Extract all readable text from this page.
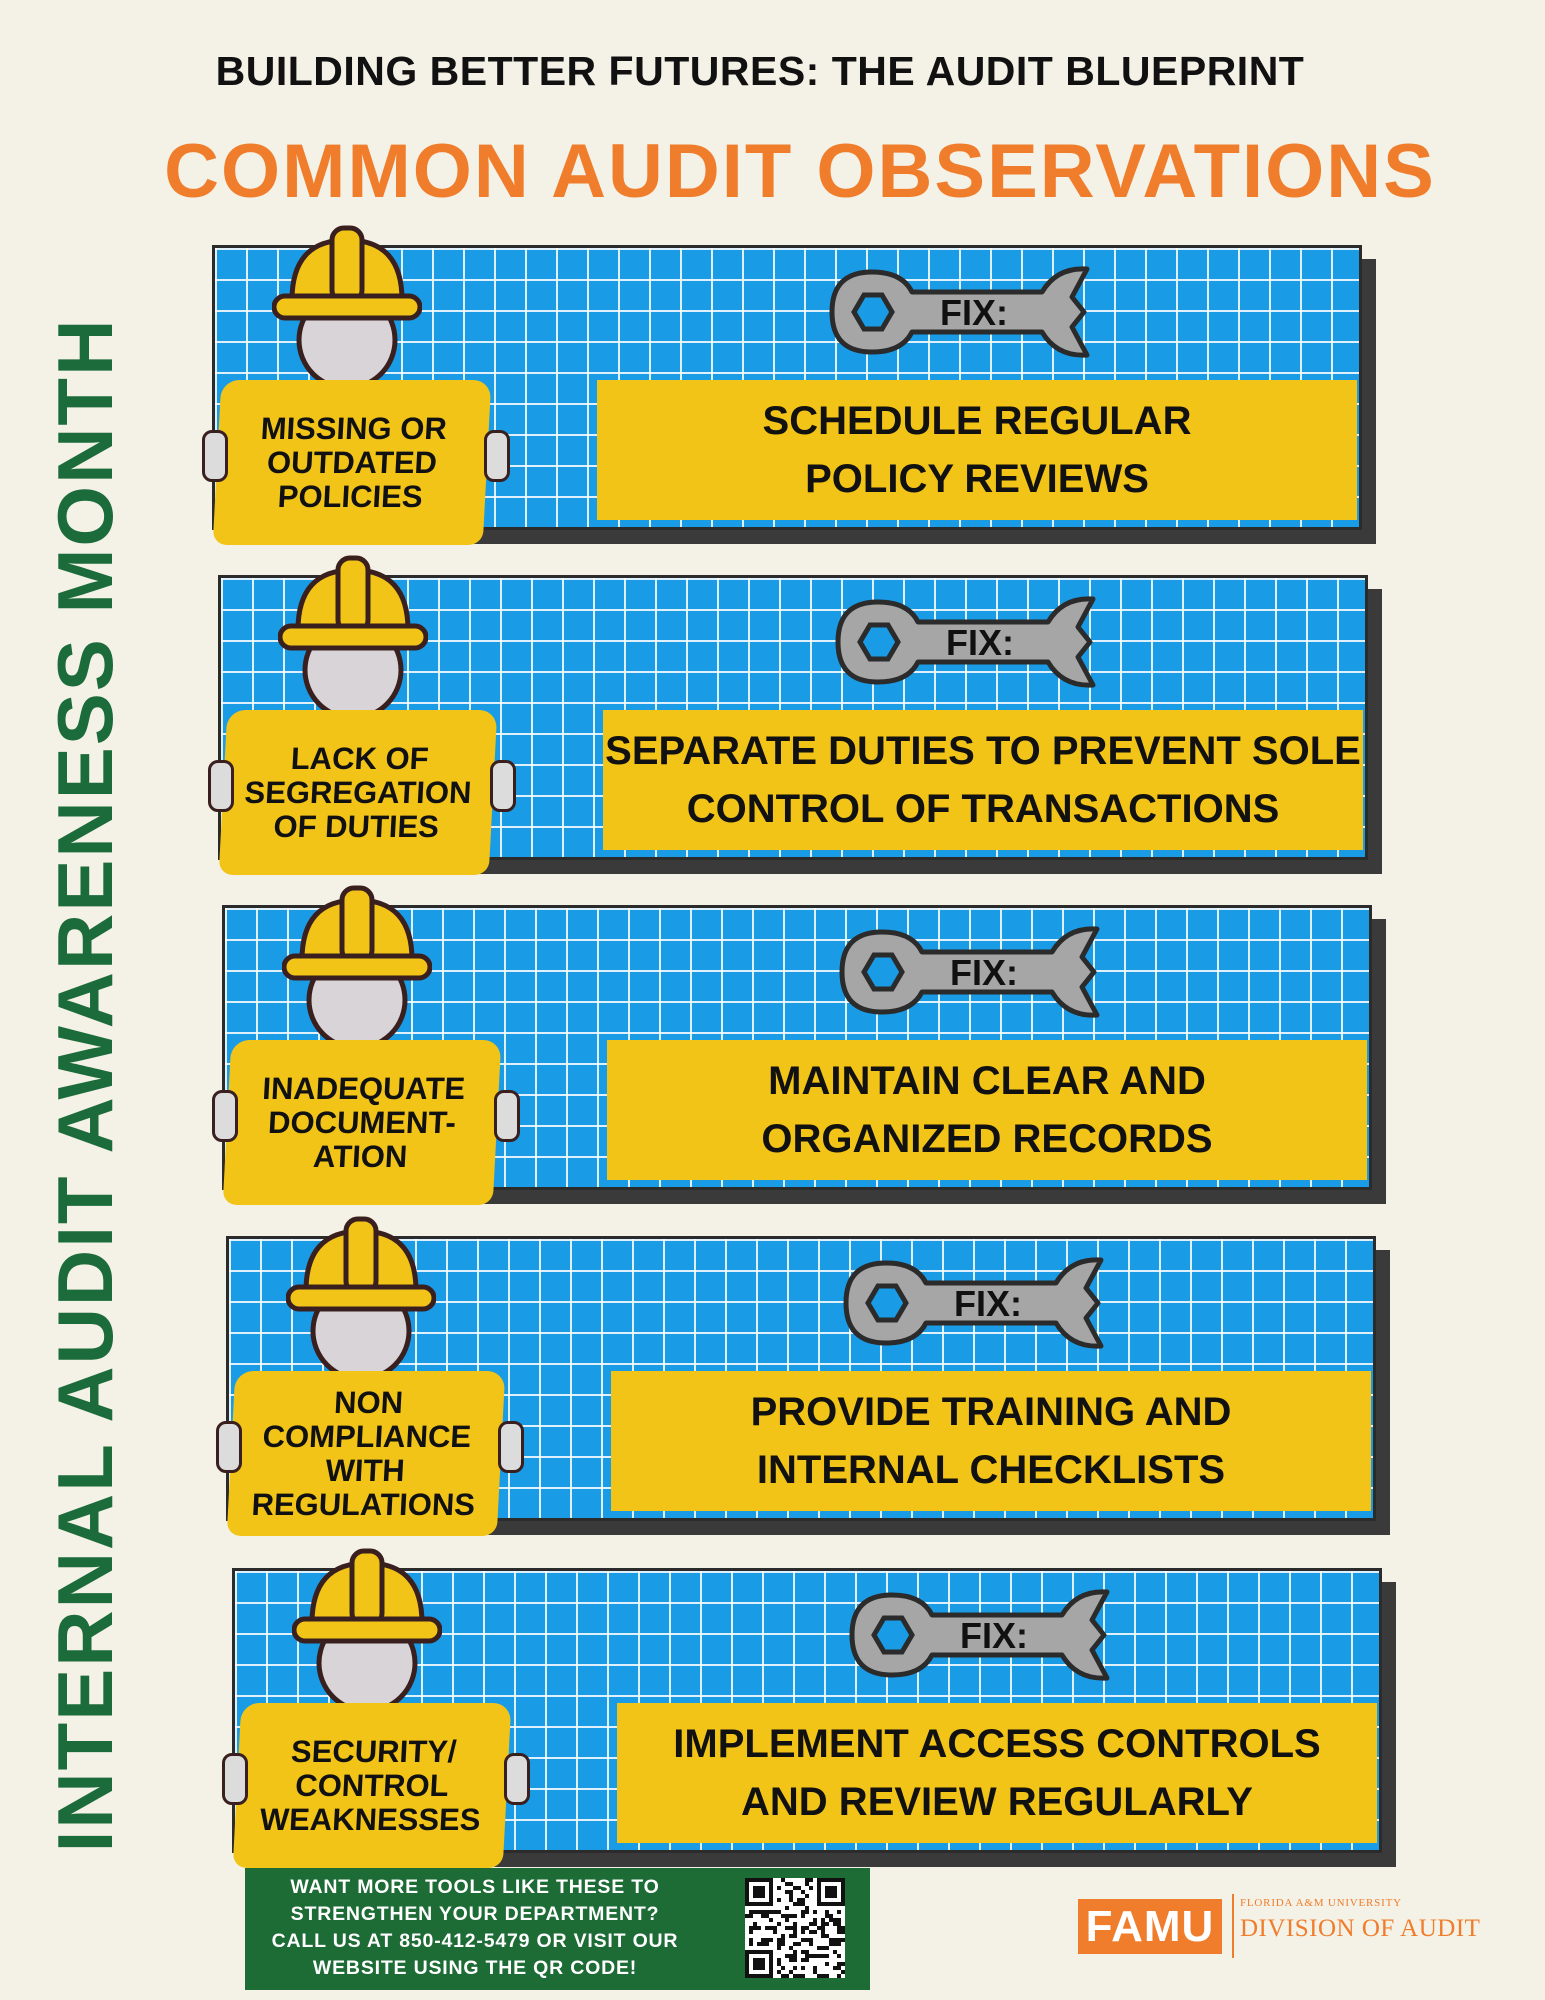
BUILDING BETTER FUTURES: THE AUDIT BLUEPRINT
COMMON AUDIT OBSERVATIONS
INTERNAL AUDIT AWARENESS MONTH	MISSING OR
OUTDATED
POLICIES
FIX:
SCHEDULE REGULAR
POLICY REVIEWS
LACK OF
SEGREGATION
OF DUTIES
FIX:
SEPARATE DUTIES TO PREVENT SOLE
CONTROL OF TRANSACTIONS
INADEQUATE
DOCUMENT-
ATION
FIX:
MAINTAIN CLEAR AND
ORGANIZED RECORDS
NON
COMPLIANCE
WITH
REGULATIONS
FIX:
PROVIDE TRAINING AND
INTERNAL CHECKLISTS
SECURITY/
CONTROL
WEAKNESSES
FIX:
IMPLEMENT ACCESS CONTROLS
AND REVIEW REGULARLY
WANT MORE TOOLS LIKE THESE TO
STRENGTHEN YOUR DEPARTMENT?
CALL US AT 850-412-5479 OR VISIT OUR
WEBSITE USING THE QR CODE!
FAMU	FLORIDA A&M UNIVERSITY
DIVISION OF AUDIT
